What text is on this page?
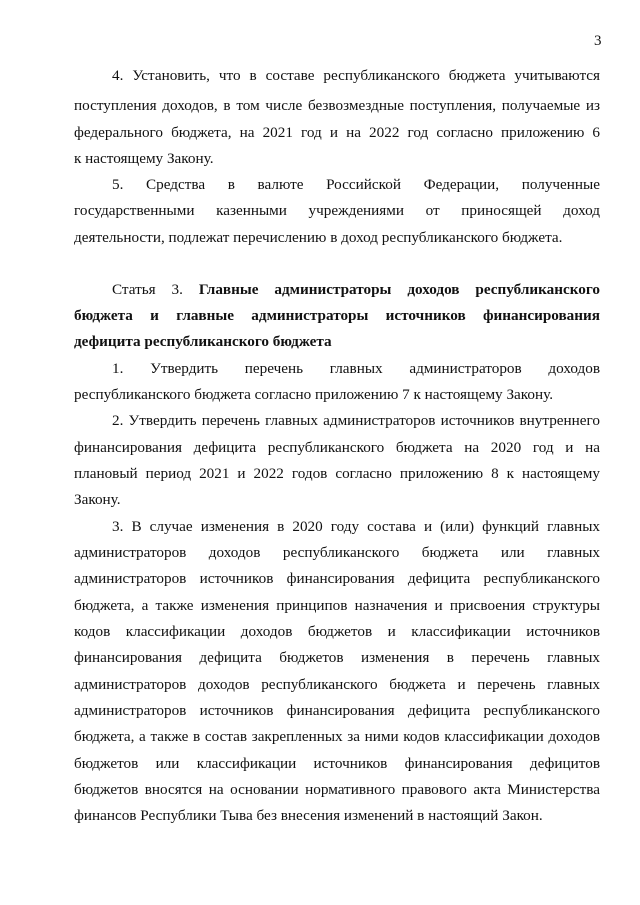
3
4. Установить, что в составе республиканского бюджета учитываются
поступления доходов, в том числе безвозмездные поступления, получаемые из
федерального бюджета, на 2021 год и на 2022 год согласно приложению 6
к настоящему Закону.
5. Средства в валюте Российской Федерации, полученные
государственными казенными учреждениями от приносящей доход
деятельности, подлежат перечислению в доход республиканского бюджета.
Статья 3. Главные администраторы доходов республиканского
бюджета и главные администраторы источников финансирования
дефицита республиканского бюджета
1. Утвердить перечень главных администраторов доходов
республиканского бюджета согласно приложению 7 к настоящему Закону.
2. Утвердить перечень главных администраторов источников внутреннего
финансирования дефицита республиканского бюджета на 2020 год и на
плановый период 2021 и 2022 годов согласно приложению 8 к настоящему
Закону.
3. В случае изменения в 2020 году состава и (или) функций главных
администраторов доходов республиканского бюджета или главных
администраторов источников финансирования дефицита республиканского
бюджета, а также изменения принципов назначения и присвоения структуры
кодов классификации доходов бюджетов и классификации источников
финансирования дефицита бюджетов изменения в перечень главных
администраторов доходов республиканского бюджета и перечень главных
администраторов источников финансирования дефицита республиканского
бюджета, а также в состав закрепленных за ними кодов классификации доходов
бюджетов или классификации источников финансирования дефицитов
бюджетов вносятся на основании нормативного правового акта Министерства
финансов Республики Тыва без внесения изменений в настоящий Закон.
